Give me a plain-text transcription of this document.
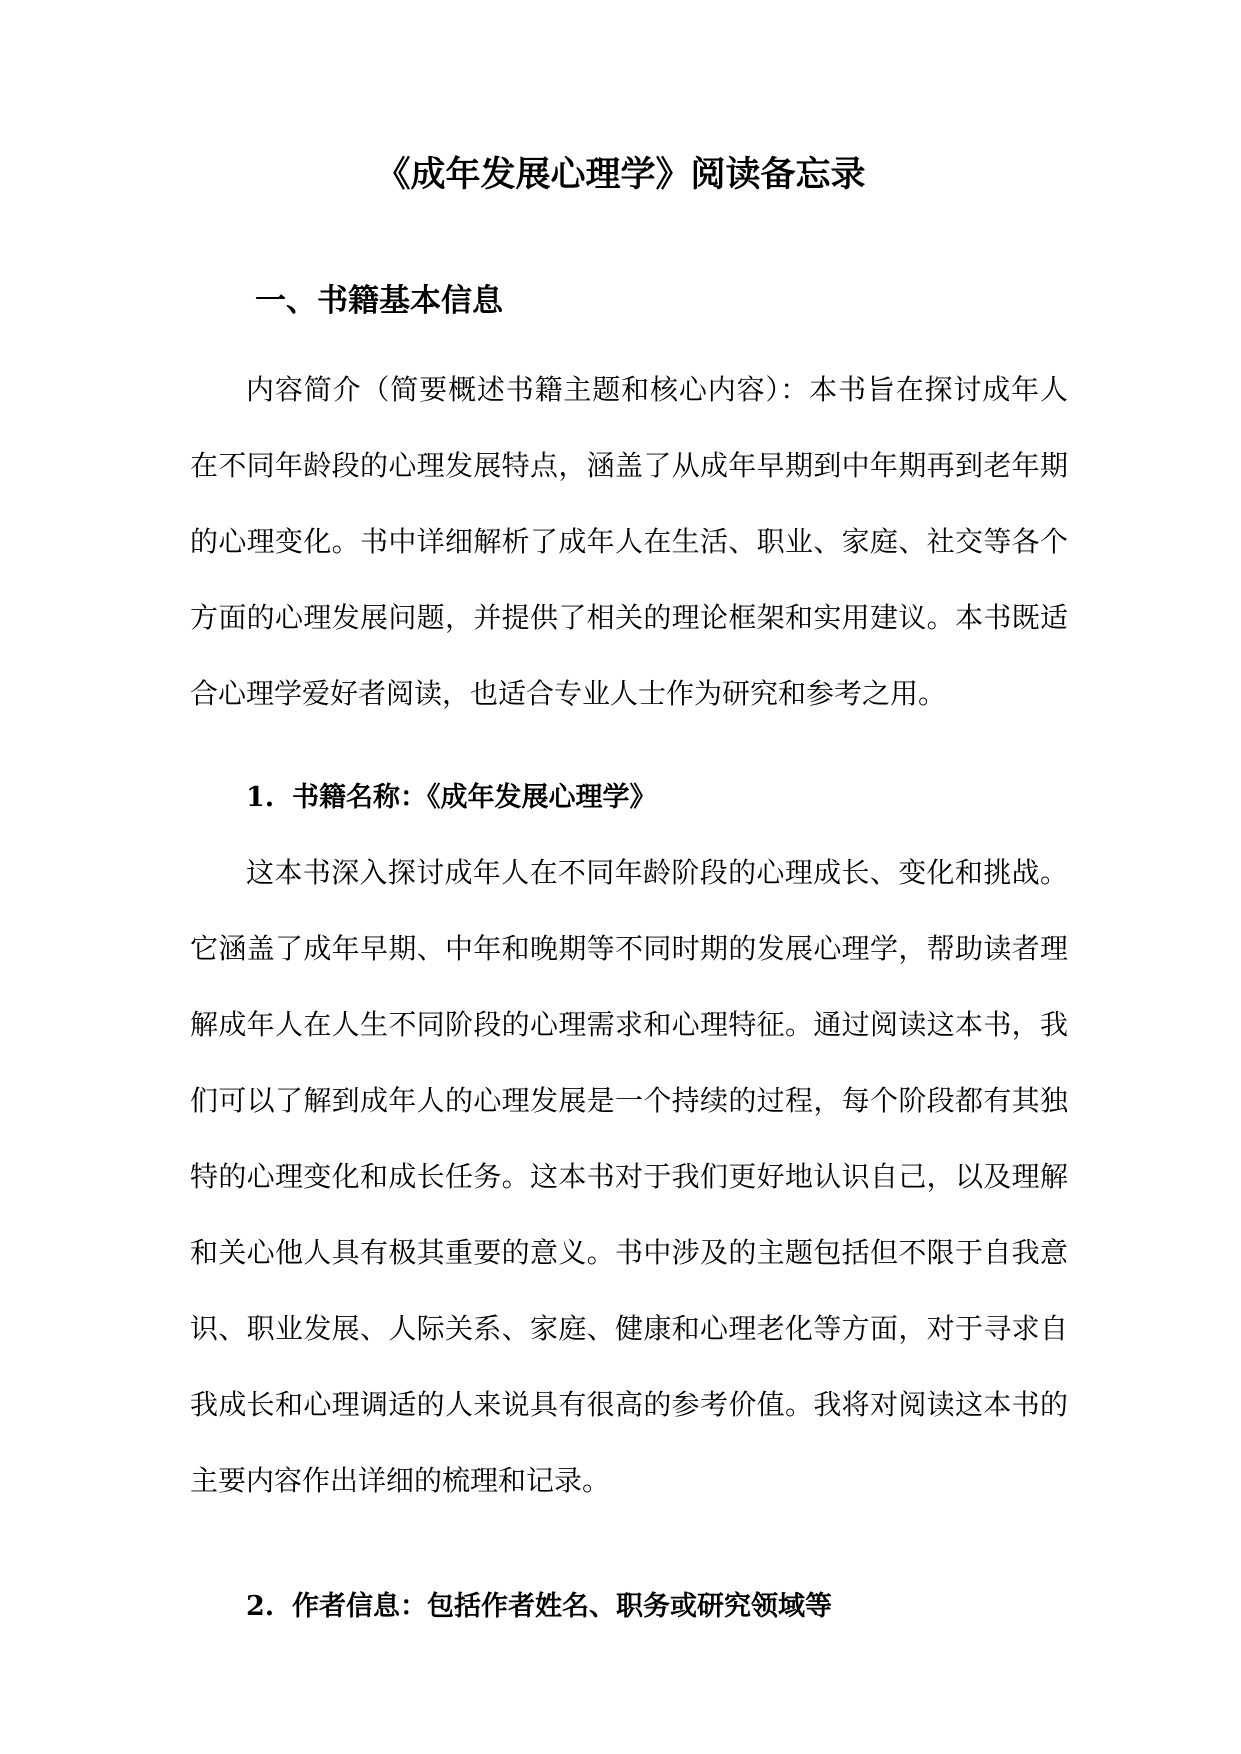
《成年发展心理学》阅读备忘录
一、书籍基本信息

内容简介（简要概述书籍主题和核心内容）：本书旨在探讨成年人在不同年龄段的心理发展特点，涵盖了从成年早期到中年期再到老年期的心理变化。书中详细解析了成年人在生活、职业、家庭、社交等各个方面的心理发展问题，并提供了相关的理论框架和实用建议。本书既适合心理学爱好者阅读，也适合专业人士作为研究和参考之用。

1. 书籍名称：《成年发展心理学》

这本书深入探讨成年人在不同年龄阶段的心理成长、变化和挑战。它涵盖了成年早期、中年和晚期等不同时期的发展心理学，帮助读者理解成年人在人生不同阶段的心理需求和心理特征。通过阅读这本书，我们可以了解到成年人的心理发展是一个持续的过程，每个阶段都有其独特的心理变化和成长任务。这本书对于我们更好地认识自己，以及理解和关心他人具有极其重要的意义。书中涉及的主题包括但不限于自我意识、职业发展、人际关系、家庭、健康和心理老化等方面，对于寻求自我成长和心理调适的人来说具有很高的参考价值。我将对阅读这本书的主要内容作出详细的梳理和记录。

2. 作者信息：包括作者姓名、职务或研究领域等
